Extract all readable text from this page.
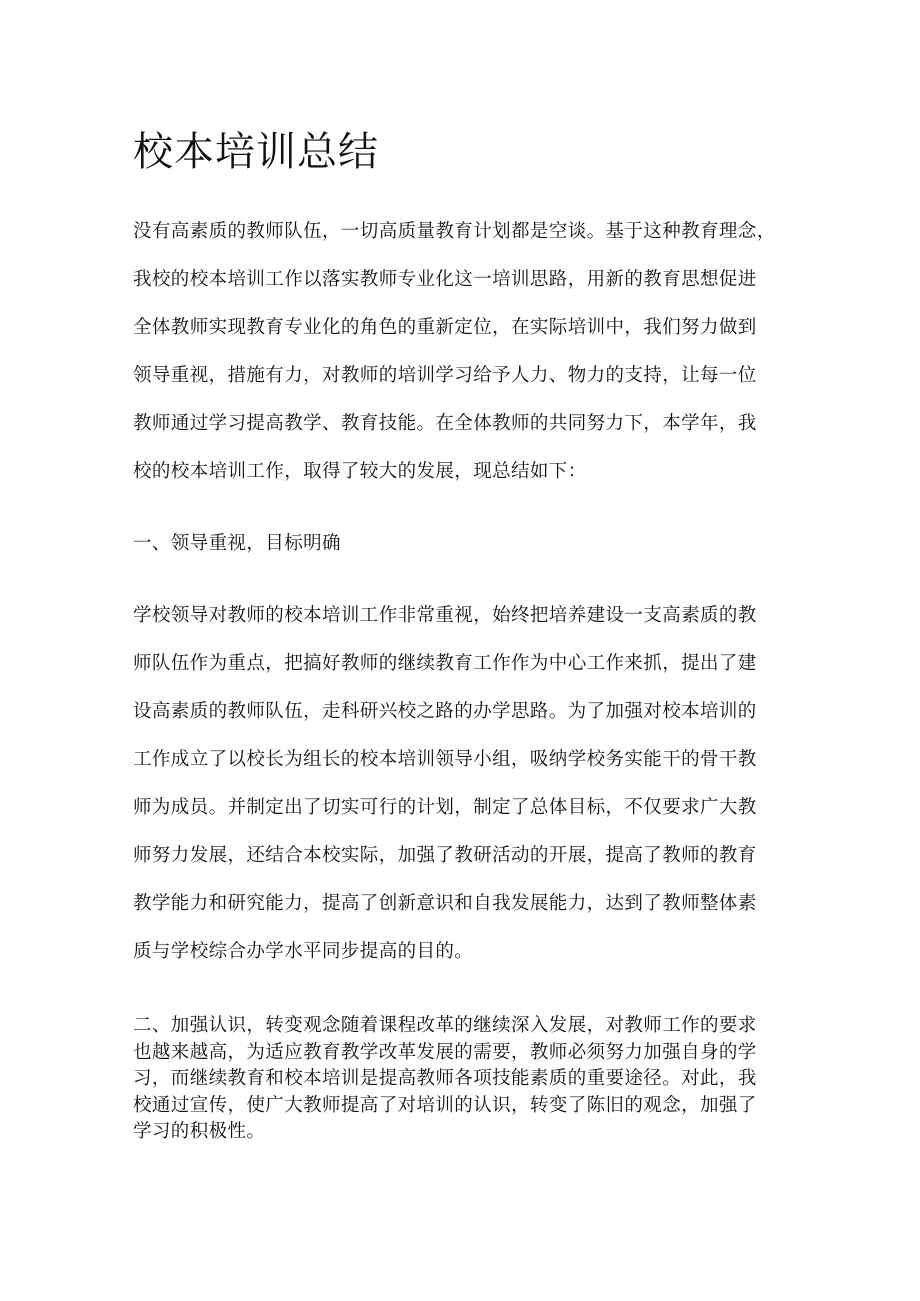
校本培训总结
没有高素质的教师队伍，一切高质量教育计划都是空谈。基于这种教育理念，
我校的校本培训工作以落实教师专业化这一培训思路，用新的教育思想促进
全体教师实现教育专业化的角色的重新定位，在实际培训中，我们努力做到
领导重视，措施有力，对教师的培训学习给予人力、物力的支持，让每一位
教师通过学习提高教学、教育技能。在全体教师的共同努力下，本学年，我
校的校本培训工作，取得了较大的发展，现总结如下：
一、领导重视，目标明确
学校领导对教师的校本培训工作非常重视，始终把培养建设一支高素质的教
师队伍作为重点，把搞好教师的继续教育工作作为中心工作来抓，提出了建
设高素质的教师队伍，走科研兴校之路的办学思路。为了加强对校本培训的
工作成立了以校长为组长的校本培训领导小组，吸纳学校务实能干的骨干教
师为成员。并制定出了切实可行的计划，制定了总体目标，不仅要求广大教
师努力发展，还结合本校实际，加强了教研活动的开展，提高了教师的教育
教学能力和研究能力，提高了创新意识和自我发展能力，达到了教师整体素
质与学校综合办学水平同步提高的目的。
二、加强认识，转变观念随着课程改革的继续深入发展，对教师工作的要求
也越来越高，为适应教育教学改革发展的需要，教师必须努力加强自身的学
习，而继续教育和校本培训是提高教师各项技能素质的重要途径。对此，我
校通过宣传，使广大教师提高了对培训的认识，转变了陈旧的观念，加强了
学习的积极性。
